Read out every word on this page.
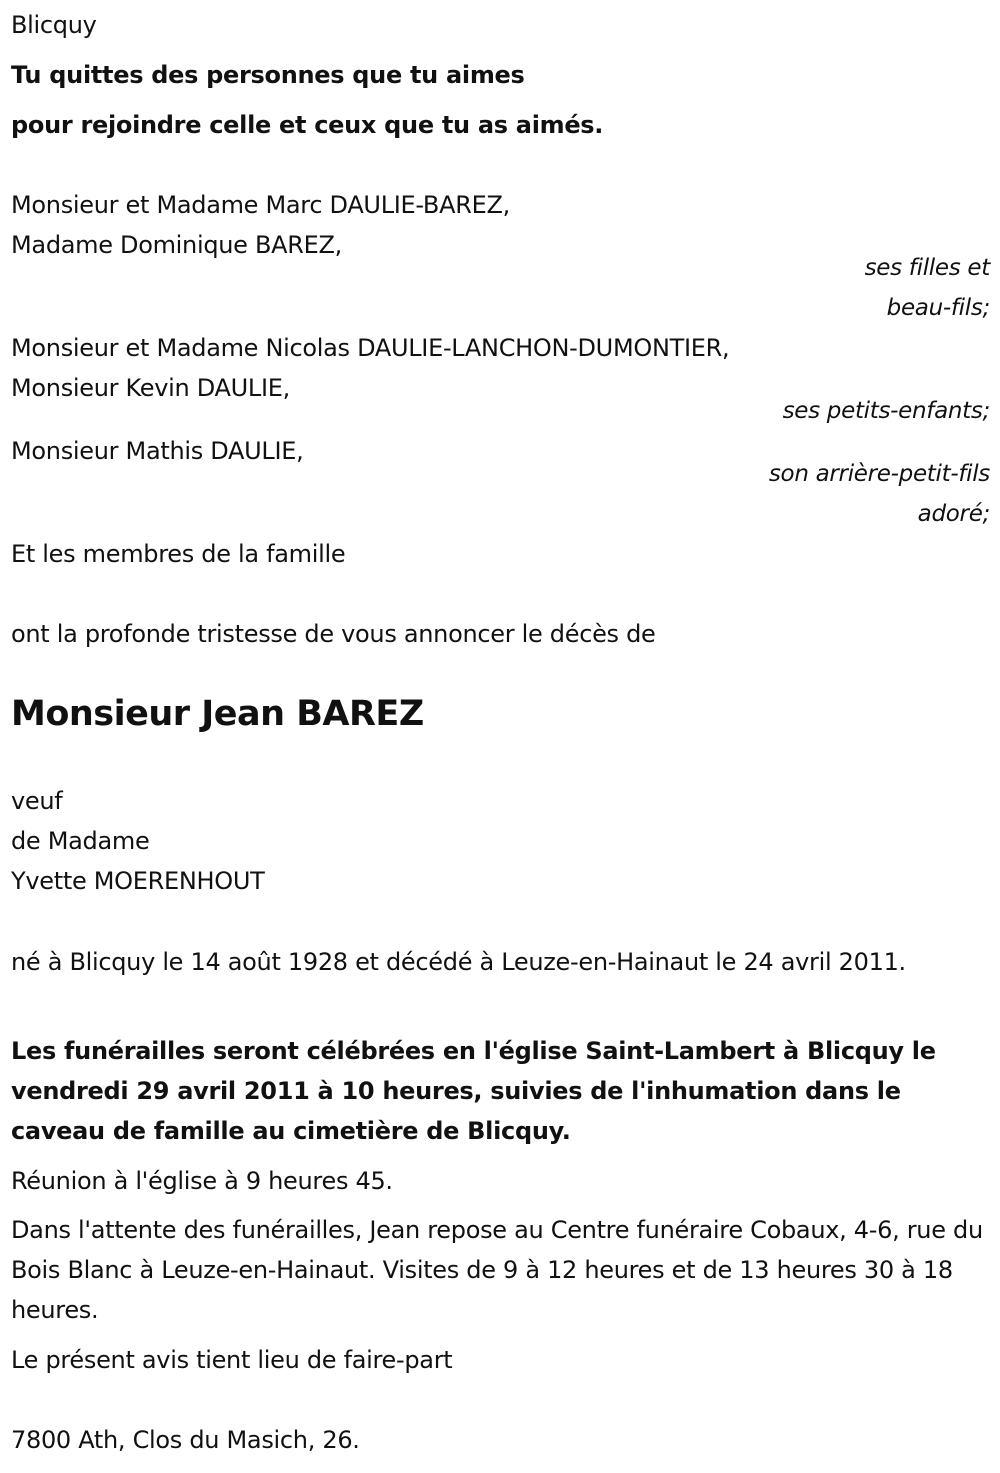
Blicquy
Tu quittes des personnes que tu aimes
pour rejoindre celle et ceux que tu as aimés.
Monsieur et Madame Marc DAULIE-BAREZ,
Madame Dominique BAREZ,
ses filles et
beau-fils;
Monsieur et Madame Nicolas DAULIE-LANCHON-DUMONTIER,
Monsieur Kevin DAULIE,
ses petits-enfants;
Monsieur Mathis DAULIE,
son arrière-petit-fils
adoré;
Et les membres de la famille
ont la profonde tristesse de vous annoncer le décès de
Monsieur Jean BAREZ
veuf
de Madame
Yvette MOERENHOUT
né à Blicquy le 14 août 1928 et décédé à Leuze-en-Hainaut le 24 avril 2011.
Les funérailles seront célébrées en l'église Saint-Lambert à Blicquy le vendredi 29 avril 2011 à 10 heures, suivies de l'inhumation dans le caveau de famille au cimetière de Blicquy.
Réunion à l'église à 9 heures 45.
Dans l'attente des funérailles, Jean repose au Centre funéraire Cobaux, 4-6, rue du Bois Blanc à Leuze-en-Hainaut. Visites de 9 à 12 heures et de 13 heures 30 à 18 heures.
Le présent avis tient lieu de faire-part
7800 Ath, Clos du Masich, 26.
